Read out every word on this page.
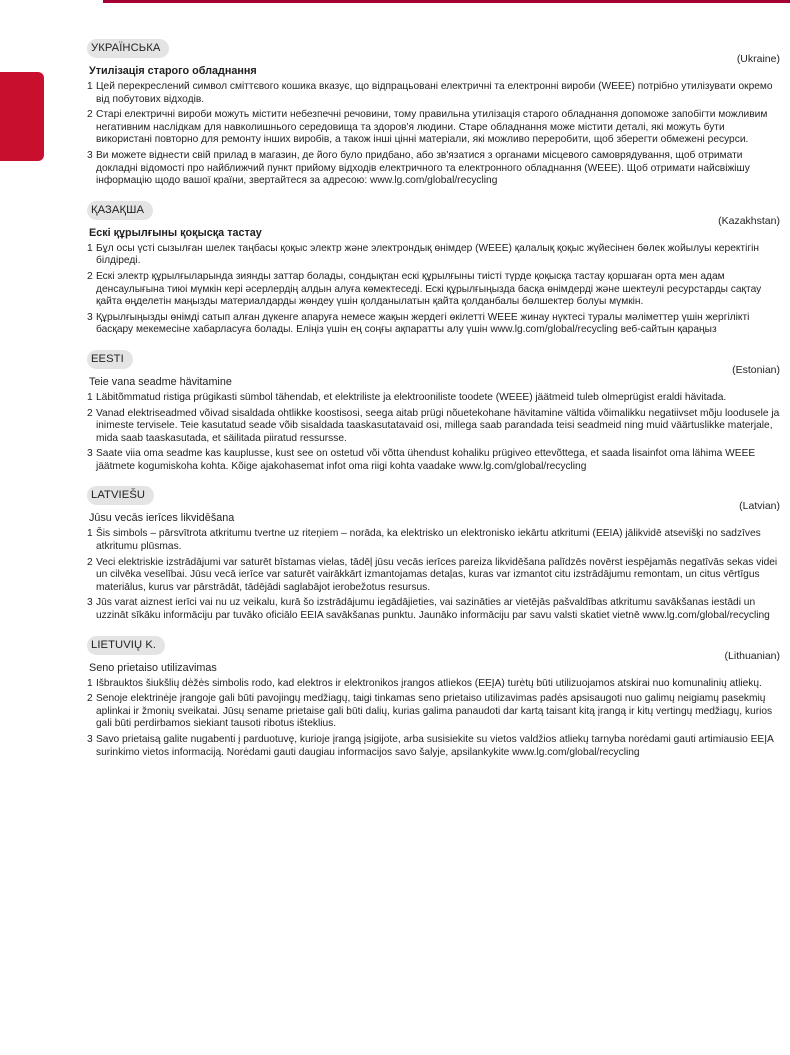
УКРАЇНСЬКА
(Ukraine)
Утилізація старого обладнання
1 Цей перекреслений символ сміттєвого кошика вказує, що відпрацьовані електричні та електронні вироби (WEEE) потрібно утилізувати окремо від побутових відходів.
2 Старі електричні вироби можуть містити небезпечні речовини, тому правильна утилізація старого обладнання допоможе запобігти можливим негативним наслідкам для навколишнього середовища та здоров'я людини. Старе обладнання може містити деталі, які можуть бути використані повторно для ремонту інших виробів, а також інші цінні матеріали, які можливо переробити, щоб зберегти обмежені ресурси.
3 Ви можете віднести свій прилад в магазин, де його було придбано, або зв'язатися з органами місцевого самоврядування, щоб отримати докладні відомості про найближчий пункт прийому відходів електричного та електронного обладнання (WEEE). Щоб отримати найсвіжішу інформацію щодо вашої країни, звертайтеся за адресою: www.lg.com/global/recycling
ҚАЗАҚША
(Kazakhstan)
Ескі құрылғыны қоқысқа тастау
1 Бұл осы үсті сызылған шелек таңбасы қоқыс электр және электрондық өнімдер (WEEE) қалалық қоқыс жүйесінен бөлек жойылуы керектігін білдіреді.
2 Ескі электр құрылғыларында зиянды заттар болады, сондықтан ескі құрылғыны тиісті түрде қоқысқа тастау қоршаған орта мен адам денсаулығына тиюі мүмкін кері әсерлердің алдын алуға көмектеседі. Ескі құрылғыңызда басқа өнімдерді және шектеулі ресурстарды сақтау қайта өңделетін маңызды материалдарды жөндеу үшін қолданылатын қайта қолданбалы бөлшектер болуы мүмкін.
3 Құрылғыңызды өнімді сатып алған дүкенге апаруға немесе жақын жердегі өкілетті WEEE жинау нүктесі туралы мәліметтер үшін жергілікті басқару мекемесіне хабарласуға болады. Еліңіз үшін ең соңғы ақпаратты алу үшін www.lg.com/global/recycling веб-сайтын қараңыз
EESTI
(Estonian)
Teie vana seadme hävitamine
1 Läbitõmmatud ristiga prügikasti sümbol tähendab, et elektriliste ja elektrooniliste toodete (WEEE) jäätmeid tuleb olmeprügist eraldi hävitada.
2 Vanad elektriseadmed võivad sisaldada ohtlikke koostisosi, seega aitab prügi nõuetekohane hävitamine vältida võimalikku negatiivset mõju loodusele ja inimeste tervisele. Teie kasutatud seade võib sisaldada taaskasutatavaid osi, millega saab parandada teisi seadmeid ning muid väärtuslikke materjale, mida saab taaskasutada, et säilitada piiratud ressursse.
3 Saate viia oma seadme kas kauplusse, kust see on ostetud või võtta ühendust kohaliku prügiveo ettevõttega, et saada lisainfot oma lähima WEEE jäätmete kogumiskoha kohta. Kõige ajakohasemat infot oma riigi kohta vaadake www.lg.com/global/recycling
LATVIEŠU
(Latvian)
Jūsu vecās ierīces likvidēšana
1 Šis simbols – pārsvītrota atkritumu tvertne uz riteņiem – norāda, ka elektrisko un elektronisko iekārtu atkritumi (EEIA) jālikvidē atsevišķi no sadzīves atkritumu plūsmas.
2 Veci elektriskie izstrādājumi var saturēt bīstamas vielas, tādēļ jūsu vecās ierīces pareiza likvidēšana palīdzēs novērst iespējamās negatīvās sekas videi un cilvēka veselībai. Jūsu vecā ierīce var saturēt vairākkārt izmantojamas detaļas, kuras var izmantot citu izstrādājumu remontam, un citus vērtīgus materiālus, kurus var pārstrādāt, tādējādi saglabājot ierobežotus resursus.
3 Jūs varat aiznest ierīci vai nu uz veikalu, kurā šo izstrādājumu iegādājieties, vai sazināties ar vietējās pašvaldības atkritumu savākšanas iestādi un uzzināt sīkāku informāciju par tuvāko oficiālo EEIA savākšanas punktu. Jaunāko informāciju par savu valsti skatiet vietnē www.lg.com/global/recycling
LIETUVIŲ K.
(Lithuanian)
Seno prietaiso utilizavimas
1 Išbrauktos šiukšlių dėžės simbolis rodo, kad elektros ir elektronikos įrangos atliekos (EEĮA) turėtų būti utilizuojamos atskirai nuo komunalinių atliekų.
2 Senoje elektrinėje įrangoje gali būti pavojingų medžiagų, taigi tinkamas seno prietaiso utilizavimas padės apsisaugoti nuo galimų neigiamų pasekmių aplinkai ir žmonių sveikatai. Jūsų sename prietaise gali būti dalių, kurias galima panaudoti dar kartą taisant kitą įrangą ir kitų vertingų medžiagų, kurios gali būti perdirbamos siekiant tausoti ribotus išteklius.
3 Savo prietaisą galite nugabenti į parduotuvę, kurioje įrangą įsigijote, arba susisiekite su vietos valdžios atliekų tarnyba norėdami gauti artimiausio EEĮA surinkimo vietos informaciją. Norėdami gauti daugiau informacijos savo šalyje, apsilankykite www.lg.com/global/recycling
